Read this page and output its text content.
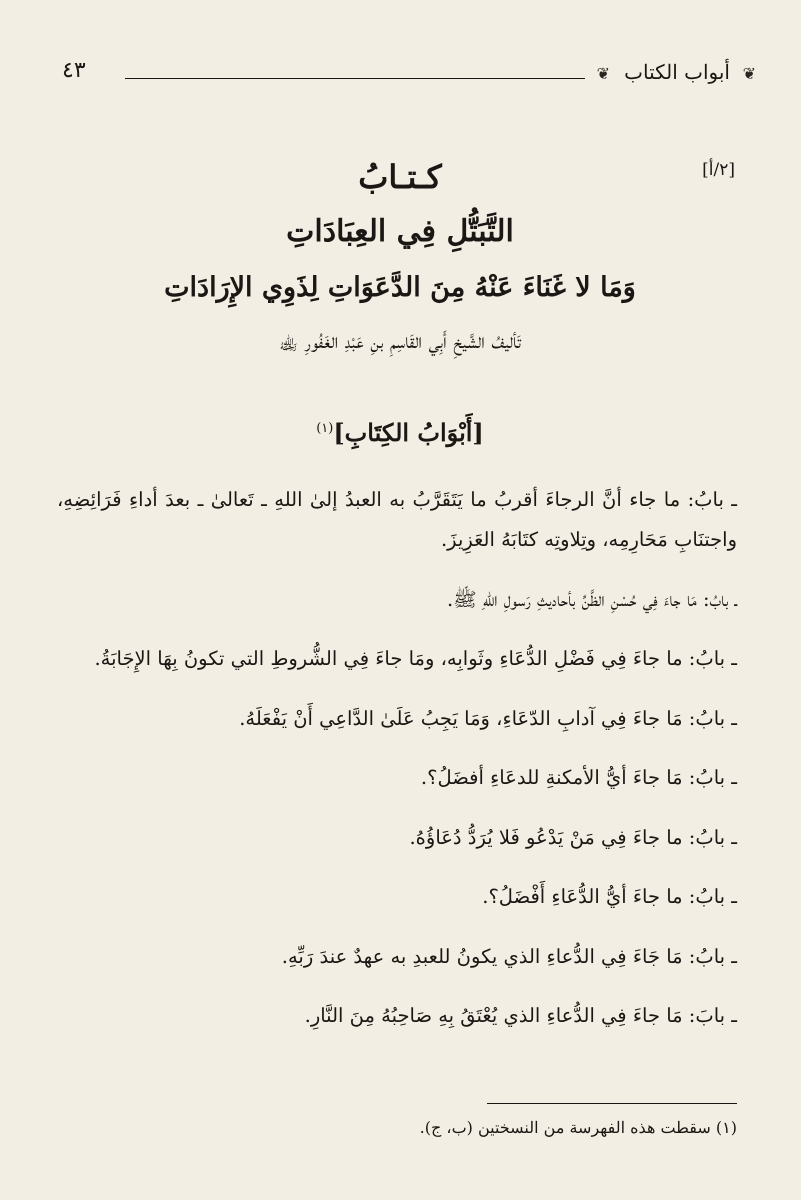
❦
أبواب الكتاب
❦
٤٣
[٢/أ]
كـتـابُ
التَّبَتُّلِ فِي العِبَادَاتِ
وَمَا لا غَنَاءَ عَنْهُ مِنَ الدَّعَوَاتِ لِذَوِي الإِرَادَاتِ
تَأليفُ الشَّيخِ أَبِي القَاسِمِ بنِ عَبْدِ الغَفُورِ ﵀
[أَبْوَابُ الكِتَابِ]$^{(١)}$

ـ بابُ: ما جاء أنَّ الرجاءَ أقربُ ما يَتَقَرَّبُ به العبدُ إلىٰ اللهِ ـ تَعالىٰ ـ بعدَ أداءِ فَرَائِضِهِ، واجتنَابِ مَحَارِمِه، وتِلاوتِه كتَابَهُ العَزِيزَ.

ـ بابُ: مَا جاءَ فِي حُسْنِ الظَّنِّ بأحاديثِ رَسولِ اللهِ ﷺ.

ـ بابُ: ما جاءَ فِي فَضْلِ الدُّعَاءِ وثَوابِه، ومَا جاءَ فِي الشُّروطِ التي تكونُ بِهَا الإِجَابَةُ.

ـ بابُ: مَا جاءَ فِي آدابِ الدّعَاءِ، وَمَا يَجِبُ عَلَىٰ الدَّاعِي أَنْ يَفْعَلَهُ.

ـ بابُ: مَا جاءَ أيُّ الأمكنةِ للدعَاءِ أفضَلُ؟.

ـ بابُ: ما جاءَ فِي مَنْ يَدْعُو فَلا يُرَدُّ دُعَاؤُهُ.

ـ بابُ: ما جاءَ أيُّ الدُّعَاءِ أَفْضَلُ؟.

ـ بابُ: مَا جَاءَ فِي الدُّعاءِ الذي يكونُ للعبدِ به عهدٌ عندَ رَبِّهِ.

ـ بابَ: مَا جاءَ فِي الدُّعاءِ الذي يُعْتَقُ بِهِ صَاحِبُهُ مِنَ النَّارِ.

(١) سقطت هذه الفهرسة من النسختين (ب، ج).
